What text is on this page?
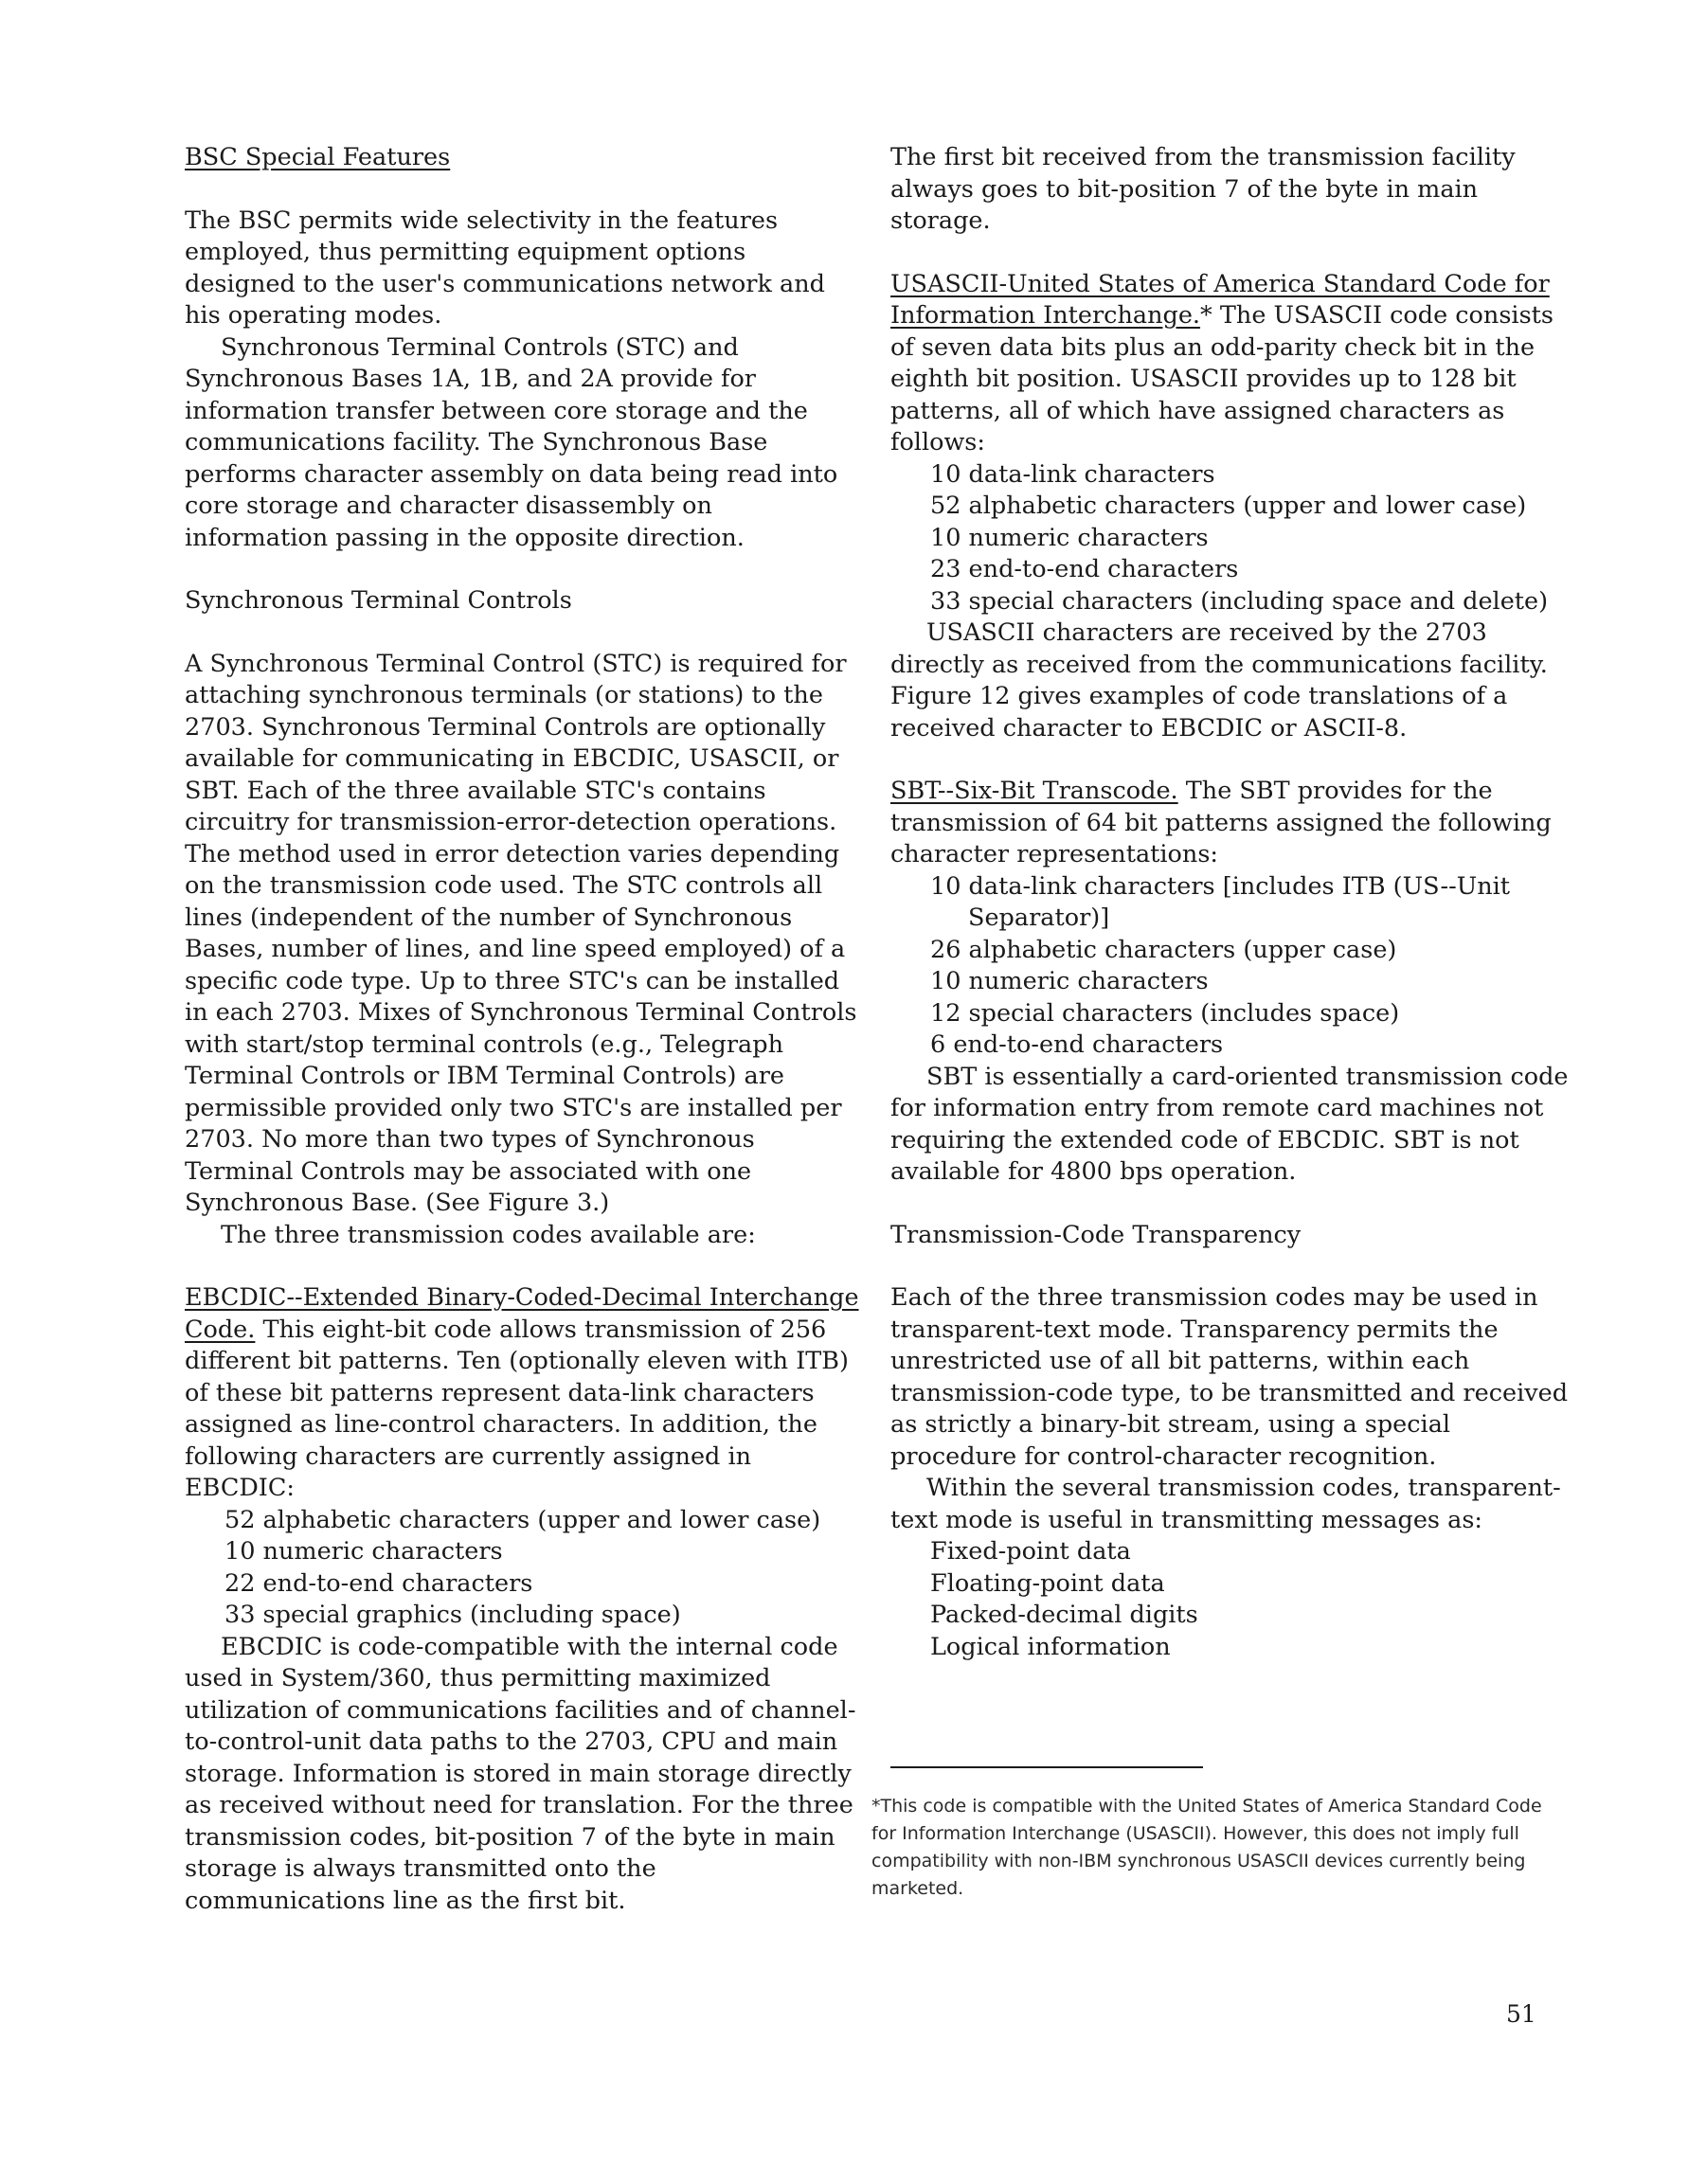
BSC Special Features

The BSC permits wide selectivity in the features employed, thus permitting equipment options designed to the user's communications network and his operating modes.

Synchronous Terminal Controls (STC) and Synchronous Bases 1A, 1B, and 2A provide for information transfer between core storage and the communications facility. The Synchronous Base performs character assembly on data being read into core storage and character disassembly on information passing in the opposite direction.

Synchronous Terminal Controls

A Synchronous Terminal Control (STC) is required for attaching synchronous terminals (or stations) to the 2703. Synchronous Terminal Controls are optionally available for communicating in EBCDIC, USASCII, or SBT. Each of the three available STC's contains circuitry for transmission-error-detection operations. The method used in error detection varies depending on the transmission code used. The STC controls all lines (independent of the number of Synchronous Bases, number of lines, and line speed employed) of a specific code type. Up to three STC's can be installed in each 2703. Mixes of Synchronous Terminal Controls with start/stop terminal controls (e.g., Telegraph Terminal Controls or IBM Terminal Controls) are permissible provided only two STC's are installed per 2703. No more than two types of Synchronous Terminal Controls may be associated with one Synchronous Base. (See Figure 3.)

The three transmission codes available are:

EBCDIC--Extended Binary-Coded-Decimal Interchange Code. This eight-bit code allows transmission of 256 different bit patterns. Ten (optionally eleven with ITB) of these bit patterns represent data-link characters assigned as line-control characters. In addition, the following characters are currently assigned in EBCDIC:

52 alphabetic characters (upper and lower case)

10 numeric characters

22 end-to-end characters

33 special graphics (including space)

EBCDIC is code-compatible with the internal code used in System/360, thus permitting maximized utilization of communications facilities and of channel-to-control-unit data paths to the 2703, CPU and main storage. Information is stored in main storage directly as received without need for translation. For the three transmission codes, bit-position 7 of the byte in main storage is always transmitted onto the communications line as the first bit.

The first bit received from the transmission facility always goes to bit-position 7 of the byte in main storage.

USASCII-United States of America Standard Code for Information Interchange.* The USASCII code consists of seven data bits plus an odd-parity check bit in the eighth bit position. USASCII provides up to 128 bit patterns, all of which have assigned characters as follows:

10 data-link characters

52 alphabetic characters (upper and lower case)

10 numeric characters

23 end-to-end characters

33 special characters (including space and delete)

USASCII characters are received by the 2703 directly as received from the communications facility. Figure 12 gives examples of code translations of a received character to EBCDIC or ASCII-8.

SBT--Six-Bit Transcode. The SBT provides for the transmission of 64 bit patterns assigned the following character representations:

10 data-link characters [includes ITB (US--Unit Separator)]

26 alphabetic characters (upper case)

10 numeric characters

12 special characters (includes space)

6 end-to-end characters

SBT is essentially a card-oriented transmission code for information entry from remote card machines not requiring the extended code of EBCDIC. SBT is not available for 4800 bps operation.

Transmission-Code Transparency

Each of the three transmission codes may be used in transparent-text mode. Transparency permits the unrestricted use of all bit patterns, within each transmission-code type, to be transmitted and received as strictly a binary-bit stream, using a special procedure for control-character recognition.

Within the several transmission codes, transparent-text mode is useful in transmitting messages as:

Fixed-point data

Floating-point data

Packed-decimal digits

Logical information

*This code is compatible with the United States of America Standard Code for Information Interchange (USASCII). However, this does not imply full compatibility with non-IBM synchronous USASCII devices currently being marketed.

51
